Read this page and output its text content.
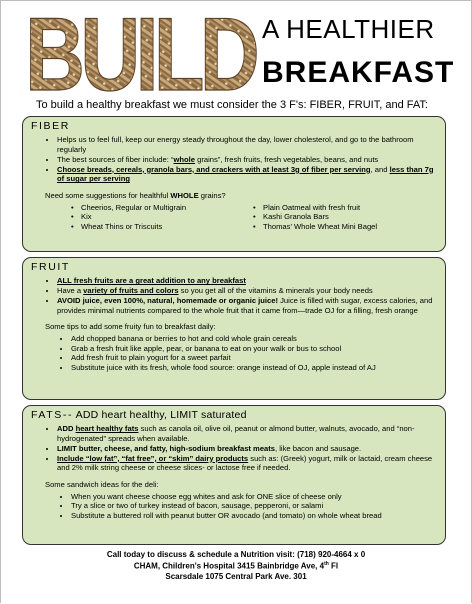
BUILD A HEALTHIER
BREAKFAST
To build a healthy breakfast we must consider the 3 F's: FIBER, FRUIT, and FAT:
FIBER
• Helps us to feel full, keep our energy steady throughout the day, lower cholesterol, and go to the bathroom regularly
• The best sources of fiber include: “whole grains”, fresh fruits, fresh vegetables, beans, and nuts
• Choose breads, cereals, granola bars, and crackers with at least 3g of fiber per serving, and less than 7g of sugar per serving
Need some suggestions for healthful WHOLE grains?
• Cheerios, Regular or Multigrain	• Plain Oatmeal with fresh fruit
• Kix	• Kashi Granola Bars
• Wheat Thins or Triscuits	• Thomas’ Whole Wheat Mini Bagel
FRUIT
• ALL fresh fruits are a great addition to any breakfast
• Have a variety of fruits and colors so you get all of the vitamins & minerals your body needs
• AVOID juice, even 100%, natural, homemade or organic juice! Juice is filled with sugar, excess calories, and provides minimal nutrients compared to the whole fruit that it came from—trade OJ for a filling, fresh orange
Some tips to add some fruity fun to breakfast daily:
• Add chopped banana or berries to hot and cold whole grain cereals
• Grab a fresh fruit like apple, pear, or banana to eat on your walk or bus to school
• Add fresh fruit to plain yogurt for a sweet parfait
• Substitute juice with its fresh, whole food source: orange instead of OJ, apple instead of AJ
FATS-- ADD heart healthy, LIMIT saturated
• ADD heart healthy fats such as canola oil, olive oil, peanut or almond butter, walnuts, avocado, and “non-hydrogenated” spreads when available.
• LIMIT butter, cheese, and fatty, high-sodium breakfast meats, like bacon and sausage.
• Include “low fat”, “fat free”, or “skim” dairy products such as: (Greek) yogurt, milk or lactaid, cream cheese and 2% milk string cheese or cheese slices- or lactose free if needed.
Some sandwich ideas for the deli:
• When you want cheese choose egg whites and ask for ONE slice of cheese only
• Try a slice or two of turkey instead of bacon, sausage, pepperoni, or salami
• Substitute a buttered roll with peanut butter OR avocado (and tomato) on whole wheat bread
Call today to discuss & schedule a Nutrition visit: (718) 920-4664 x 0
CHAM, Children's Hospital 3415 Bainbridge Ave, 4th Fl
Scarsdale 1075 Central Park Ave. 301
